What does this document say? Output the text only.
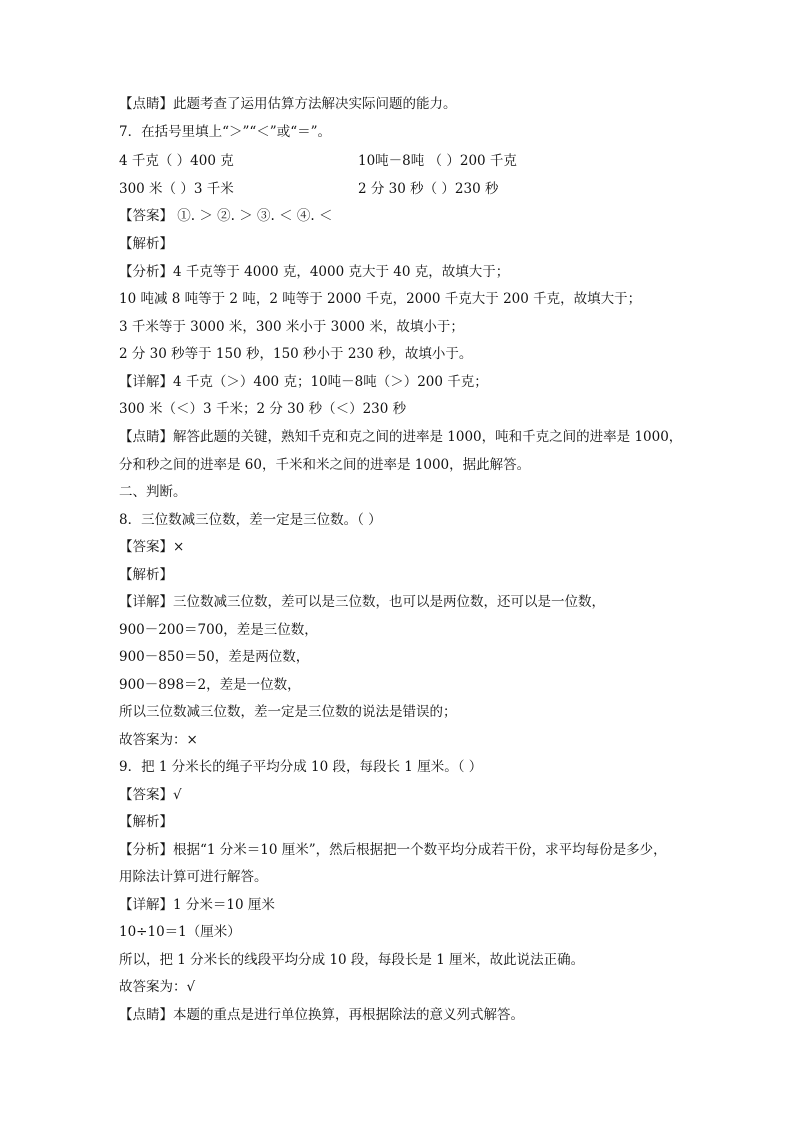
【点睛】此题考查了运用估算方法解决实际问题的能力。
7．在括号里填上“＞”“＜”或“＝”。
4 千克（ ）400 克	10吨－8吨 （ ）200 千克
300 米（ ）3 千米	2 分 30 秒（ ）230 秒
【答案】 ①. ＞ ②. ＞ ③. ＜ ④. ＜
【解析】
【分析】4 千克等于 4000 克，4000 克大于 40 克，故填大于；
10 吨减 8 吨等于 2 吨，2 吨等于 2000 千克，2000 千克大于 200 千克，故填大于；
3 千米等于 3000 米，300 米小于 3000 米，故填小于；
2 分 30 秒等于 150 秒，150 秒小于 230 秒，故填小于。
【详解】4 千克（＞）400 克；10吨－8吨（＞）200 千克；
300 米（＜）3 千米；2 分 30 秒（＜）230 秒
【点睛】解答此题的关键，熟知千克和克之间的进率是 1000，吨和千克之间的进率是 1000，
分和秒之间的进率是 60，千米和米之间的进率是 1000，据此解答。
二、判断。
8．三位数减三位数，差一定是三位数。（ ）
【答案】×
【解析】
【详解】三位数减三位数，差可以是三位数，也可以是两位数，还可以是一位数，
900－200＝700，差是三位数，
900－850＝50，差是两位数，
900－898＝2，差是一位数，
所以三位数减三位数，差一定是三位数的说法是错误的；
故答案为：×
9．把 1 分米长的绳子平均分成 10 段，每段长 1 厘米。（ ）
【答案】√
【解析】
【分析】根据“1 分米＝10 厘米”，然后根据把一个数平均分成若干份，求平均每份是多少，
用除法计算可进行解答。
【详解】1 分米＝10 厘米
10÷10＝1（厘米）
所以，把 1 分米长的线段平均分成 10 段，每段长是 1 厘米，故此说法正确。
故答案为：√
【点睛】本题的重点是进行单位换算，再根据除法的意义列式解答。
